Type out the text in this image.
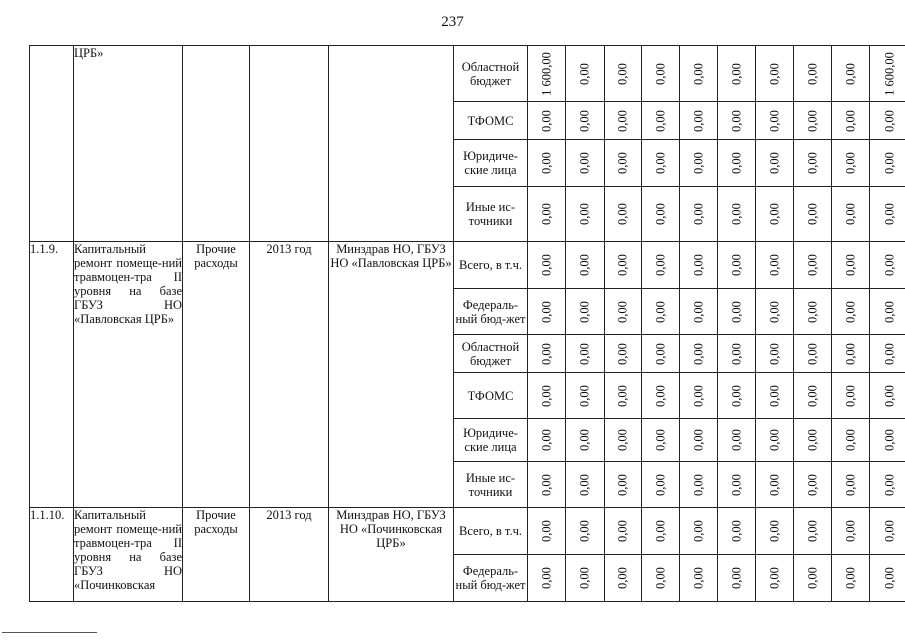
237
	ЦРБ»				Областной бюджет	1 600,00	0,00	0,00	0,00	0,00	0,00	0,00	0,00	0,00	1 600,00

					ТФОМС	0,00	0,00	0,00	0,00	0,00	0,00	0,00	0,00	0,00	0,00

					Юридиче-ские лица	0,00	0,00	0,00	0,00	0,00	0,00	0,00	0,00	0,00	0,00

					Иные ис-точники	0,00	0,00	0,00	0,00	0,00	0,00	0,00	0,00	0,00	0,00

1.1.9.	Капитальный ремонт помеще-ний травмоцен-тра II уровня на базе ГБУЗ НО «Павловская ЦРБ»	Прочие расходы	2013 год	Минздрав НО, ГБУЗ НО «Павловская ЦРБ»	Всего, в т.ч.	0,00	0,00	0,00	0,00	0,00	0,00	0,00	0,00	0,00	0,00

					Федераль-ный бюд-жет	0,00	0,00	0,00	0,00	0,00	0,00	0,00	0,00	0,00	0,00

					Областной бюджет	0,00	0,00	0,00	0,00	0,00	0,00	0,00	0,00	0,00	0,00

					ТФОМС	0,00	0,00	0,00	0,00	0,00	0,00	0,00	0,00	0,00	0,00

					Юридиче-ские лица	0,00	0,00	0,00	0,00	0,00	0,00	0,00	0,00	0,00	0,00

					Иные ис-точники	0,00	0,00	0,00	0,00	0,00	0,00	0,00	0,00	0,00	0,00

1.1.10.	Капитальный ремонт помеще-ний травмоцен-тра II уровня на базе ГБУЗ НО «Починковская	Прочие расходы	2013 год	Минздрав НО, ГБУЗ НО «Починковская ЦРБ»	Всего, в т.ч.	0,00	0,00	0,00	0,00	0,00	0,00	0,00	0,00	0,00	0,00

					Федераль-ный бюд-жет	0,00	0,00	0,00	0,00	0,00	0,00	0,00	0,00	0,00	0,00
